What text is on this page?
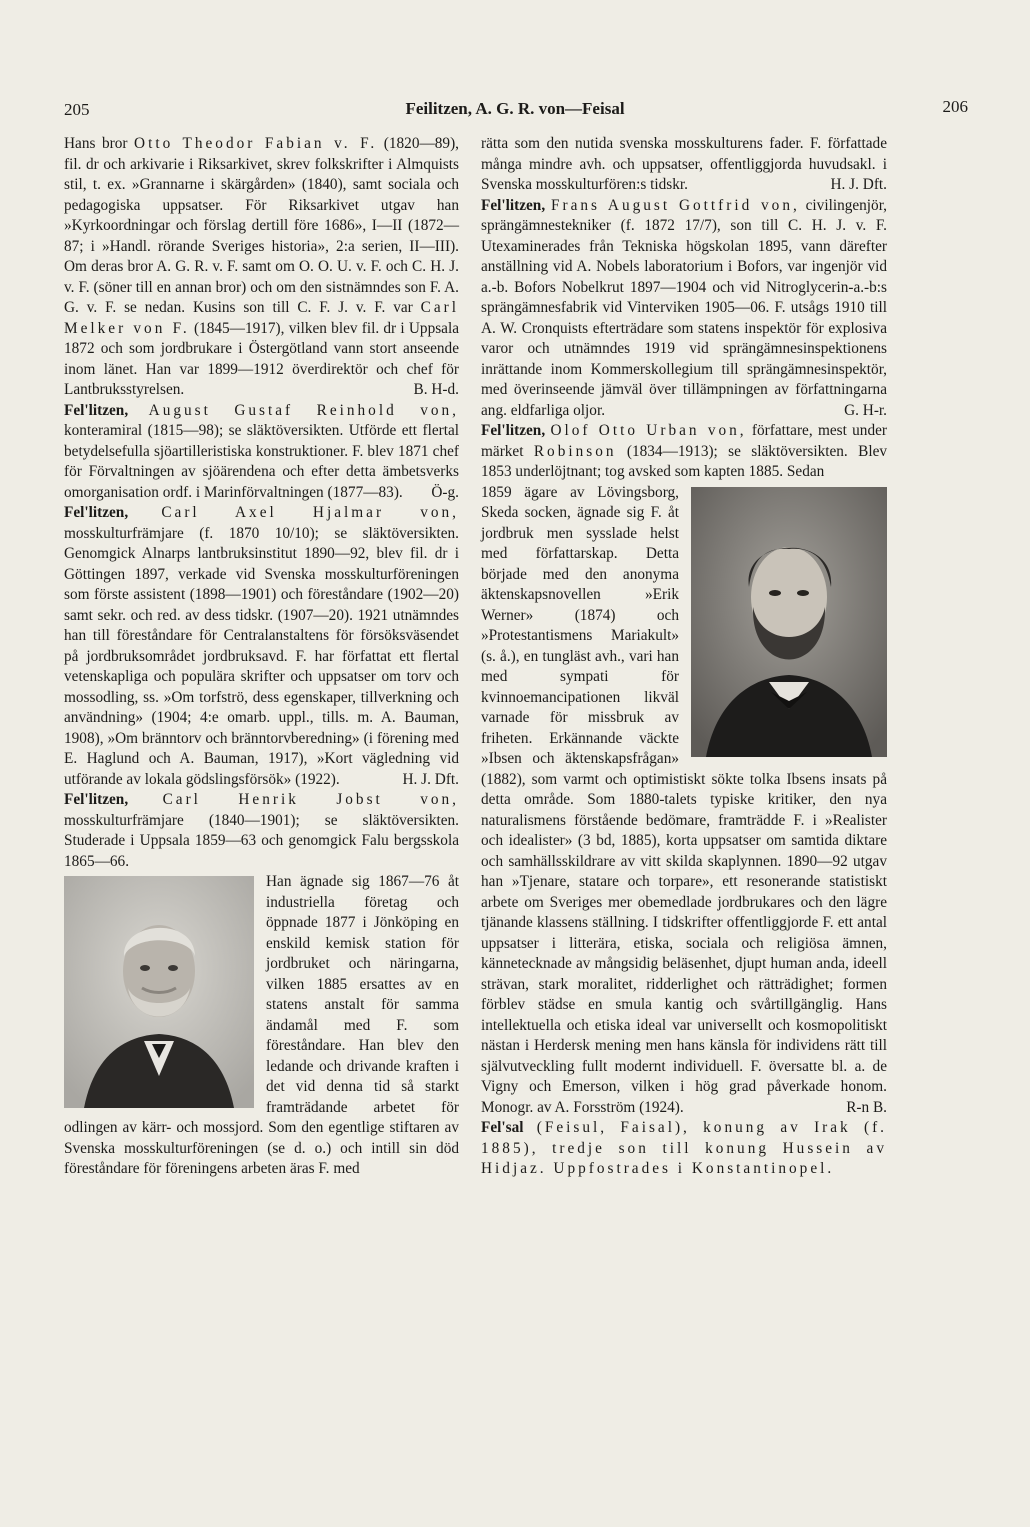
205	Feilitzen, A. G. R. von—Feisal	206

Hans bror Otto Theodor Fabian v. F. (1820—89), fil. dr och arkivarie i Riksarkivet, skrev folkskrifter i Almquists stil, t. ex. »Grannarne i skärgården» (1840), samt sociala och pedagogiska uppsatser. För Riksarkivet utgav han »Kyrkoordningar och förslag dertill före 1686», I—II (1872—87; i »Handl. rörande Sveriges historia», 2:a serien, II—III). Om deras bror A. G. R. v. F. samt om O. O. U. v. F. och C. H. J. v. F. (söner till en annan bror) och om den sistnämndes son F. A. G. v. F. se nedan. Kusins son till C. F. J. v. F. var Carl Melker von F. (1845—1917), vilken blev fil. dr i Uppsala 1872 och som jordbrukare i Östergötland vann stort anseende inom länet. Han var 1899—1912 överdirektör och chef för Lantbruksstyrelsen.	B. H-d.

Fel'litzen, August Gustaf Reinhold von, konteramiral (1815—98); se släktöversikten. Utförde ett flertal betydelsefulla sjöartilleristiska konstruktioner. F. blev 1871 chef för Förvaltningen av sjöärendena och efter detta ämbetsverks omorganisation ordf. i Marinförvaltningen (1877—83). Ö-g.

Fel'litzen, Carl Axel Hjalmar von, mosskulturfrämjare (f. 1870 10/10); se släktöversikten. Genomgick Alnarps lantbruksinstitut 1890—92, blev fil. dr i Göttingen 1897, verkade vid Svenska mosskulturföreningen som förste assistent (1898—1901) och föreståndare (1902—20) samt sekr. och red. av dess tidskr. (1907—20). 1921 utnämndes han till föreståndare för Centralanstaltens för försöksväsendet på jordbruksområdet jordbruksavd. F. har författat ett flertal vetenskapliga och populära skrifter och uppsatser om torv och mossodling, ss. »Om torfströ, dess egenskaper, tillverkning och användning» (1904; 4:e omarb. uppl., tills. m. A. Bauman, 1908), »Om bränntorv och bränntorvberedning» (i förening med E. Haglund och A. Bauman, 1917), »Kort vägledning vid utförande av lokala gödslingsförsök» (1922).	H. J. Dft.

Fel'litzen, Carl Henrik Jobst von, mosskulturfrämjare (1840—1901); se släktöversikten. Studerade i Uppsala 1859—63 och genomgick Falu bergsskola 1865—66.

Han ägnade sig 1867—76 åt industriella företag och öppnade 1877 i Jönköping en enskild kemisk station för jordbruket och näringarna, vilken 1885 ersattes av en statens anstalt för samma ändamål med F. som föreståndare. Han blev den ledande och drivande kraften i det vid denna tid så starkt framträdande arbetet för odlingen av kärr- och mossjord. Som den egentlige stiftaren av Svenska mosskulturföreningen (se d. o.) och intill sin död föreståndare för föreningens arbeten äras F. med

rätta som den nutida svenska mosskulturens fader. F. författade många mindre avh. och uppsatser, offentliggjorda huvudsakl. i Svenska mosskulturfören:s tidskr.	H. J. Dft.

Fel'litzen, Frans August Gottfrid von, civilingenjör, sprängämnestekniker (f. 1872 17/7), son till C. H. J. v. F. Utexaminerades från Tekniska högskolan 1895, vann därefter anställning vid A. Nobels laboratorium i Bofors, var ingenjör vid a.-b. Bofors Nobelkrut 1897—1904 och vid Nitroglycerin-a.-b:s sprängämnesfabrik vid Vinterviken 1905—06. F. utsågs 1910 till A. W. Cronquists efterträdare som statens inspektör för explosiva varor och utnämndes 1919 vid sprängämnesinspektionens inrättande inom Kommerskollegium till sprängämnesinspektör, med överinseende jämväl över tillämpningen av författningarna ang. eldfarliga oljor.	G. H-r.

Fel'litzen, Olof Otto Urban von, författare, mest under märket Robinson (1834—1913); se släktöversikten. Blev 1853 underlöjtnant; tog avsked som kapten 1885. Sedan

1859 ägare av Lövingsborg, Skeda socken, ägnade sig F. åt jordbruk men sysslade helst med författarskap. Detta började med den anonyma äktenskapsnovellen »Erik Werner» (1874) och »Protestantismens Mariakult» (s. å.), en tungläst avh., vari han med sympati för kvinnoemancipationen likväl varnade för missbruk av friheten. Erkännande väckte »Ibsen och äktenskapsfrågan» (1882), som varmt och optimistiskt sökte tolka Ibsens insats på detta område. Som 1880-talets typiske kritiker, den nya naturalismens förstående bedömare, framträdde F. i »Realister och idealister» (3 bd, 1885), korta uppsatser om samtida diktare och samhällsskildrare av vitt skilda skaplynnen. 1890—92 utgav han »Tjenare, statare och torpare», ett resonerande statistiskt arbete om Sveriges mer obemedlade jordbrukares och den lägre tjänande klassens ställning. I tidskrifter offentliggjorde F. ett antal uppsatser i litterära, etiska, sociala och religiösa ämnen, kännetecknade av mångsidig beläsenhet, djupt human anda, ideell strävan, stark moralitet, ridderlighet och rätträdighet; formen förblev städse en smula kantig och svårtillgänglig. Hans intellektuella och etiska ideal var universellt och kosmopolitiskt nästan i Herdersk mening men hans känsla för individens rätt till självutveckling fullt modernt individuell. F. översatte bl. a. de Vigny och Emerson, vilken i hög grad påverkade honom. Monogr. av A. Forsström (1924).	R-n B.

Fel'sal (Feisul, Faisal), konung av Irak (f. 1885), tredje son till konung Hussein av Hidjaz. Uppfostrades i Konstantinopel.
